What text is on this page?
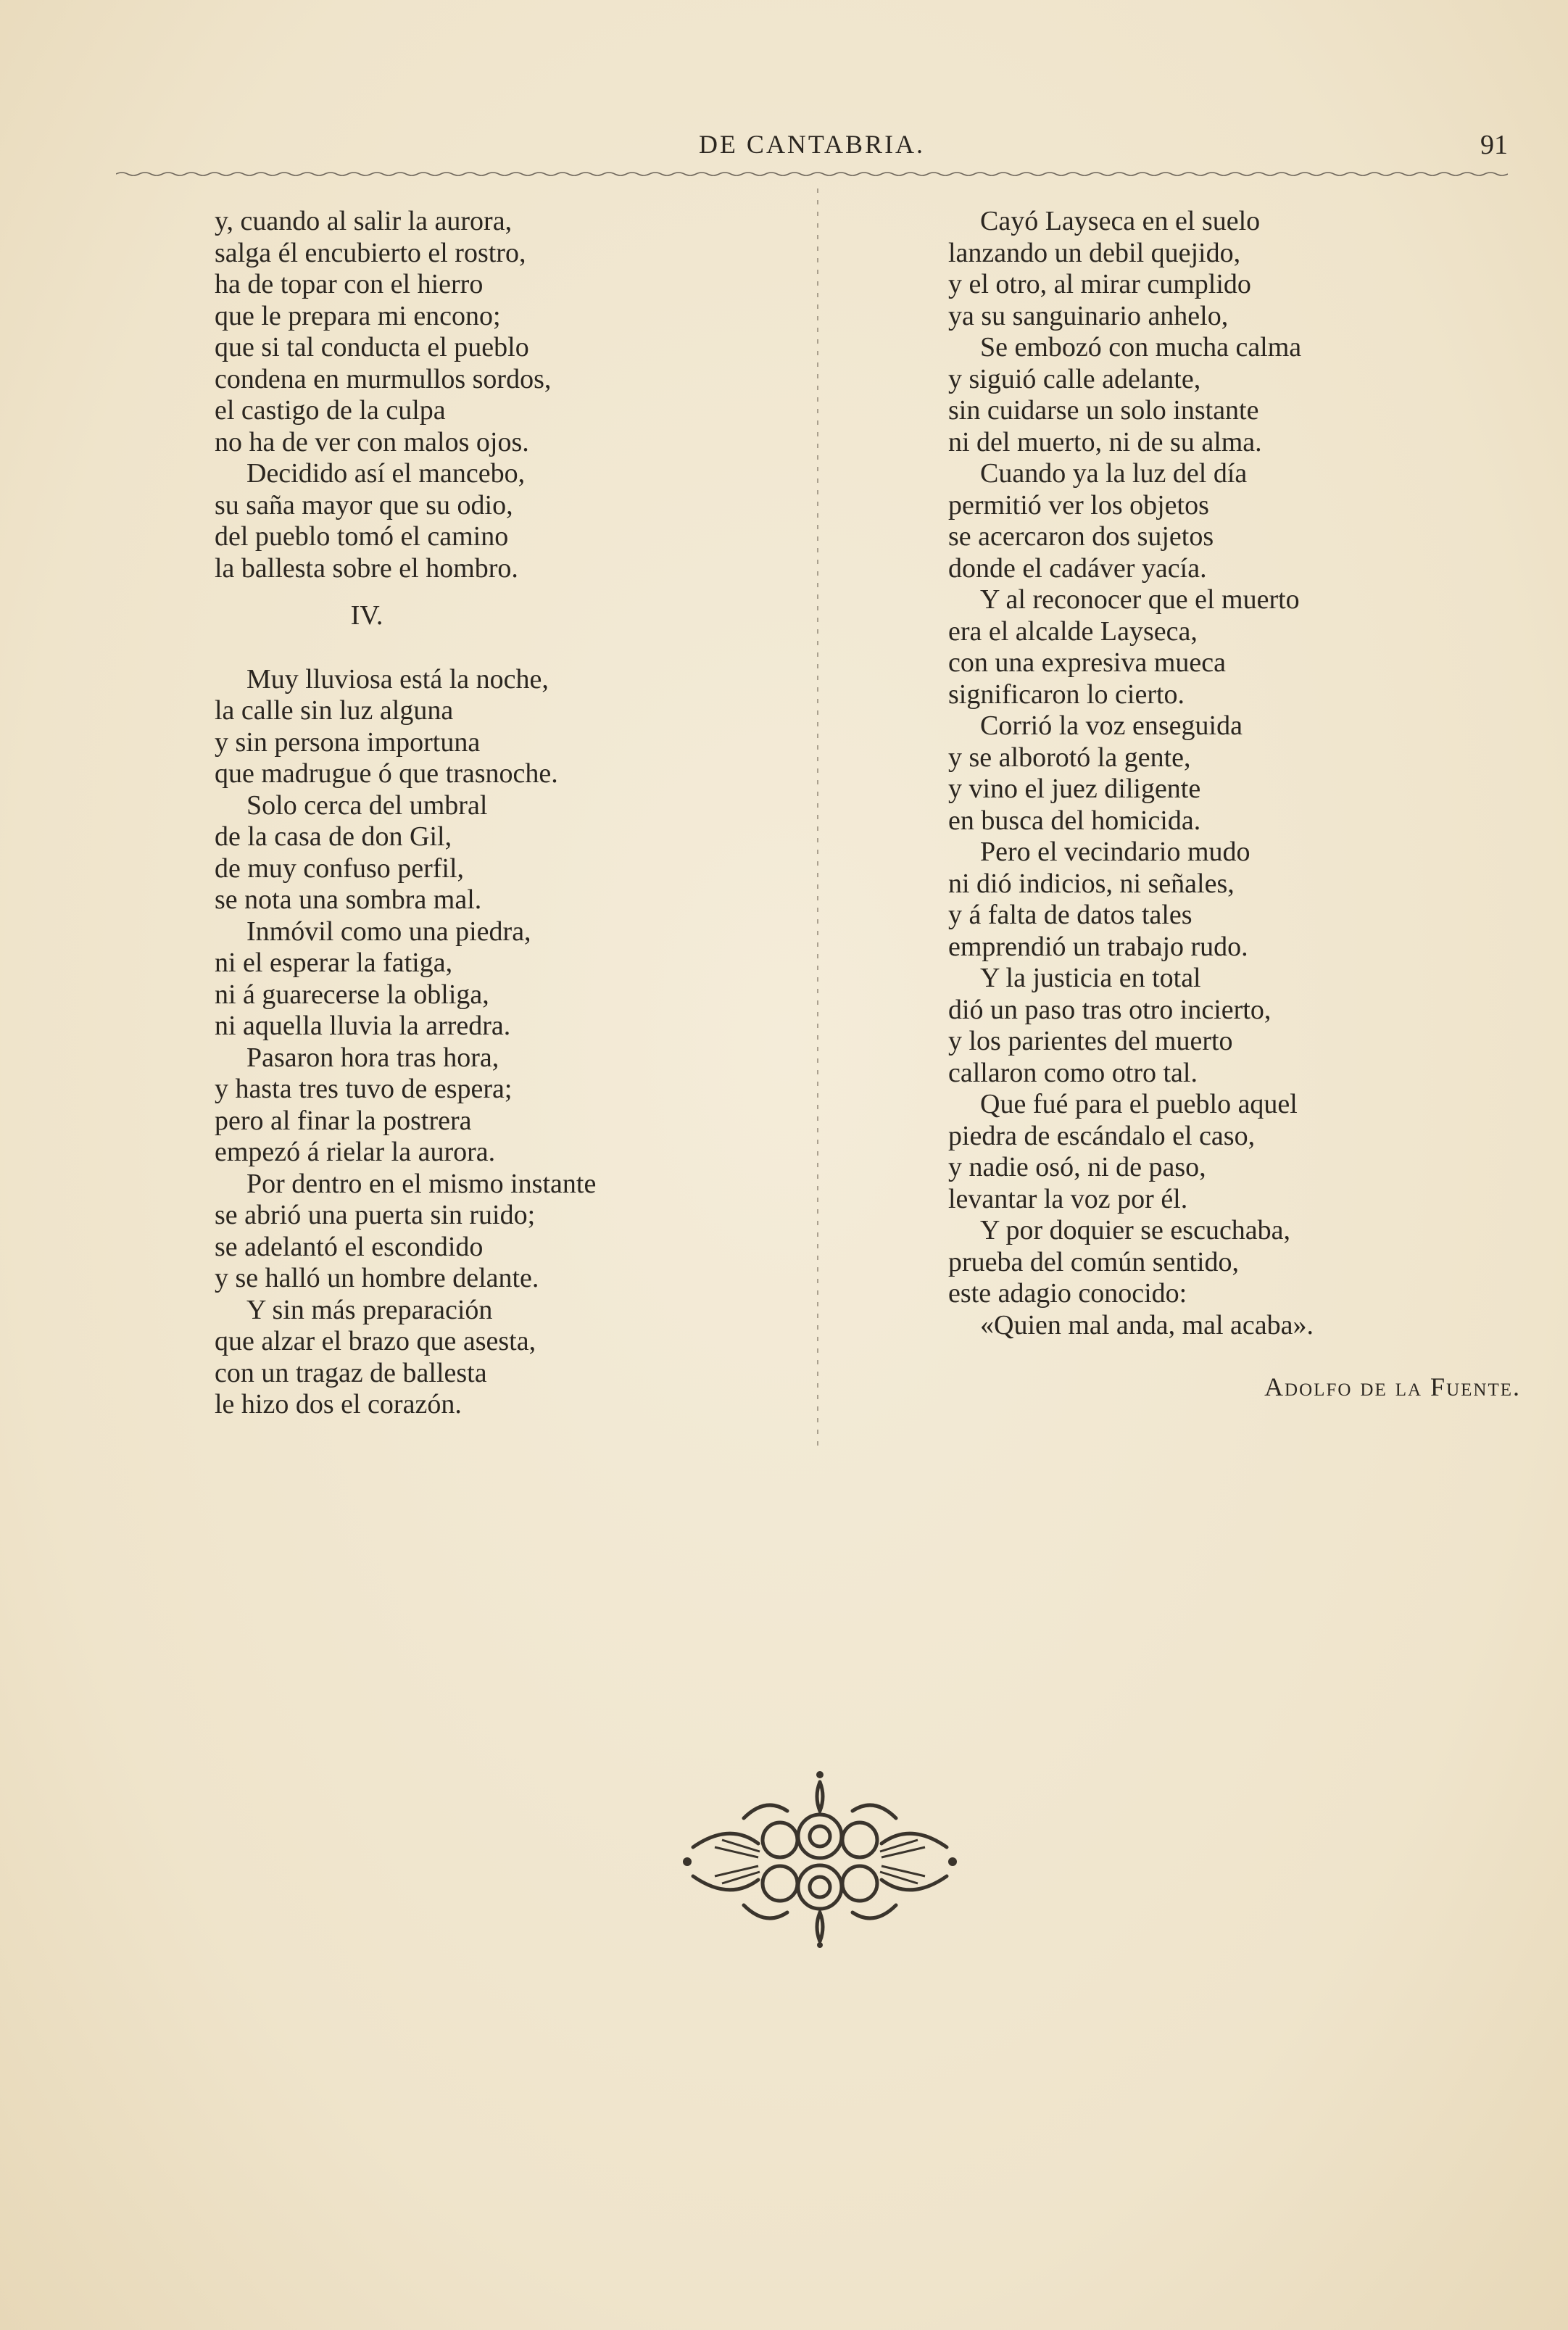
DE CANTABRIA.	91
y, cuando al salir la aurora,
salga él encubierto el rostro,
ha de topar con el hierro
que le prepara mi encono;
que si tal conducta el pueblo
condena en murmullos sordos,
el castigo de la culpa
no ha de ver con malos ojos.
Decidido así el mancebo,
su saña mayor que su odio,
del pueblo tomó el camino
la ballesta sobre el hombro.
IV.
Muy lluviosa está la noche,
la calle sin luz alguna
y sin persona importuna
que madrugue ó que trasnoche.
Solo cerca del umbral
de la casa de don Gil,
de muy confuso perfil,
se nota una sombra mal.
Inmóvil como una piedra,
ni el esperar la fatiga,
ni á guarecerse la obliga,
ni aquella lluvia la arredra.
Pasaron hora tras hora,
y hasta tres tuvo de espera;
pero al finar la postrera
empezó á rielar la aurora.
Por dentro en el mismo instante
se abrió una puerta sin ruido;
se adelantó el escondido
y se halló un hombre delante.
Y sin más preparación
que alzar el brazo que asesta,
con un tragaz de ballesta
le hizo dos el corazón.
Cayó Layseca en el suelo
lanzando un debil quejido,
y el otro, al mirar cumplido
ya su sanguinario anhelo,
Se embozó con mucha calma
y siguió calle adelante,
sin cuidarse un solo instante
ni del muerto, ni de su alma.
Cuando ya la luz del día
permitió ver los objetos
se acercaron dos sujetos
donde el cadáver yacía.
Y al reconocer que el muerto
era el alcalde Layseca,
con una expresiva mueca
significaron lo cierto.
Corrió la voz enseguida
y se alborotó la gente,
y vino el juez diligente
en busca del homicida.
Pero el vecindario mudo
ni dió indicios, ni señales,
y á falta de datos tales
emprendió un trabajo rudo.
Y la justicia en total
dió un paso tras otro incierto,
y los parientes del muerto
callaron como otro tal.
Que fué para el pueblo aquel
piedra de escándalo el caso,
y nadie osó, ni de paso,
levantar la voz por él.
Y por doquier se escuchaba,
prueba del común sentido,
este adagio conocido:
«Quien mal anda, mal acaba».
Adolfo de la Fuente.
